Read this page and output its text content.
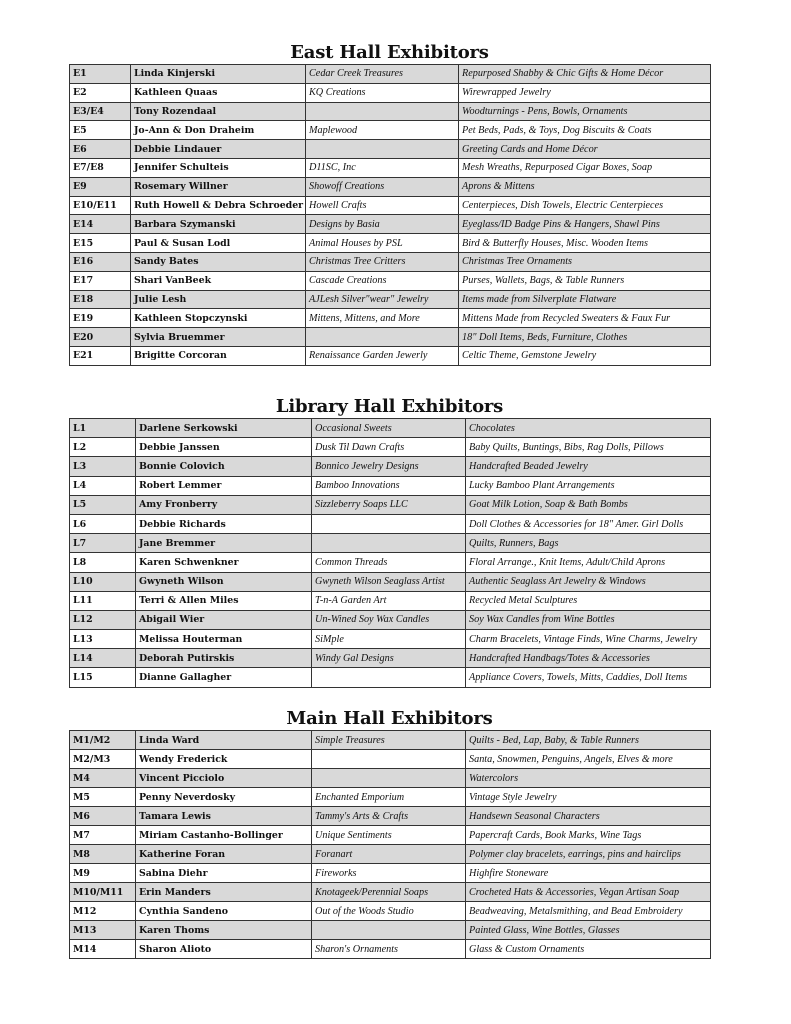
East Hall Exhibitors
E1	Linda Kinjerski	Cedar Creek Treasures	Repurposed Shabby & Chic Gifts & Home Décor
E2	Kathleen Quaas	KQ Creations	Wirewrapped Jewelry
E3/E4	Tony Rozendaal		Woodturnings - Pens, Bowls, Ornaments
E5	Jo-Ann & Don Draheim	Maplewood	Pet Beds, Pads, & Toys, Dog Biscuits & Coats
E6	Debbie Lindauer		Greeting Cards and Home Décor
E7/E8	Jennifer Schulteis	D11SC, Inc	Mesh Wreaths, Repurposed Cigar Boxes, Soap
E9	Rosemary Willner	Showoff Creations	Aprons & Mittens
E10/E11	Ruth Howell & Debra Schroeder	Howell Crafts	Centerpieces, Dish Towels, Electric Centerpieces
E14	Barbara Szymanski	Designs by Basia	Eyeglass/ID Badge Pins & Hangers, Shawl Pins
E15	Paul & Susan Lodl	Animal Houses by PSL	Bird & Butterfly Houses, Misc. Wooden Items
E16	Sandy Bates	Christmas Tree Critters	Christmas Tree Ornaments
E17	Shari VanBeek	Cascade Creations	Purses, Wallets, Bags, & Table Runners
E18	Julie Lesh	AJLesh Silver"wear" Jewelry	Items made from Silverplate Flatware
E19	Kathleen Stopczynski	Mittens, Mittens, and More	Mittens Made from Recycled Sweaters & Faux Fur
E20	Sylvia Bruemmer		18" Doll Items, Beds, Furniture, Clothes
E21	Brigitte Corcoran	Renaissance Garden Jewerly	Celtic Theme, Gemstone Jewelry
Library Hall Exhibitors
L1	Darlene Serkowski	Occasional Sweets	Chocolates
L2	Debbie Janssen	Dusk Til Dawn Crafts	Baby Quilts, Buntings, Bibs, Rag Dolls, Pillows
L3	Bonnie Colovich	Bonnico Jewelry Designs	Handcrafted Beaded Jewelry
L4	Robert Lemmer	Bamboo Innovations	Lucky Bamboo Plant Arrangements
L5	Amy Fronberry	Sizzleberry Soaps LLC	Goat Milk Lotion, Soap & Bath Bombs
L6	Debbie Richards		Doll Clothes & Accessories for 18" Amer. Girl Dolls
L7	Jane Bremmer		Quilts, Runners, Bags
L8	Karen Schwenkner	Common Threads	Floral Arrange., Knit Items, Adult/Child Aprons
L10	Gwyneth Wilson	Gwyneth Wilson Seaglass Artist	Authentic Seaglass Art Jewelry & Windows
L11	Terri & Allen Miles	T-n-A Garden Art	Recycled Metal Sculptures
L12	Abigail Wier	Un-Wined Soy Wax Candles	Soy Wax Candles from Wine Bottles
L13	Melissa Houterman	SiMple	Charm Bracelets, Vintage Finds, Wine Charms, Jewelry
L14	Deborah Putirskis	Windy Gal Designs	Handcrafted Handbags/Totes & Accessories
L15	Dianne Gallagher		Appliance Covers, Towels, Mitts, Caddies, Doll Items
Main Hall Exhibitors
M1/M2	Linda Ward	Simple Treasures	Quilts - Bed, Lap, Baby, & Table Runners
M2/M3	Wendy Frederick		Santa, Snowmen, Penguins, Angels, Elves & more
M4	Vincent Picciolo		Watercolors
M5	Penny Neverdosky	Enchanted Emporium	Vintage Style Jewelry
M6	Tamara Lewis	Tammy's Arts & Crafts	Handsewn Seasonal Characters
M7	Miriam Castanho-Bollinger	Unique Sentiments	Papercraft Cards, Book Marks, Wine Tags
M8	Katherine Foran	Foranart	Polymer clay bracelets, earrings, pins and hairclips
M9	Sabina Diehr	Fireworks	Highfire Stoneware
M10/M11	Erin Manders	Knotageek/Perennial Soaps	Crocheted Hats & Accessories, Vegan Artisan Soap
M12	Cynthia Sandeno	Out of the Woods Studio	Beadweaving, Metalsmithing, and Bead Embroidery
M13	Karen Thoms		Painted Glass, Wine Bottles, Glasses
M14	Sharon Alioto	Sharon's Ornaments	Glass & Custom Ornaments
